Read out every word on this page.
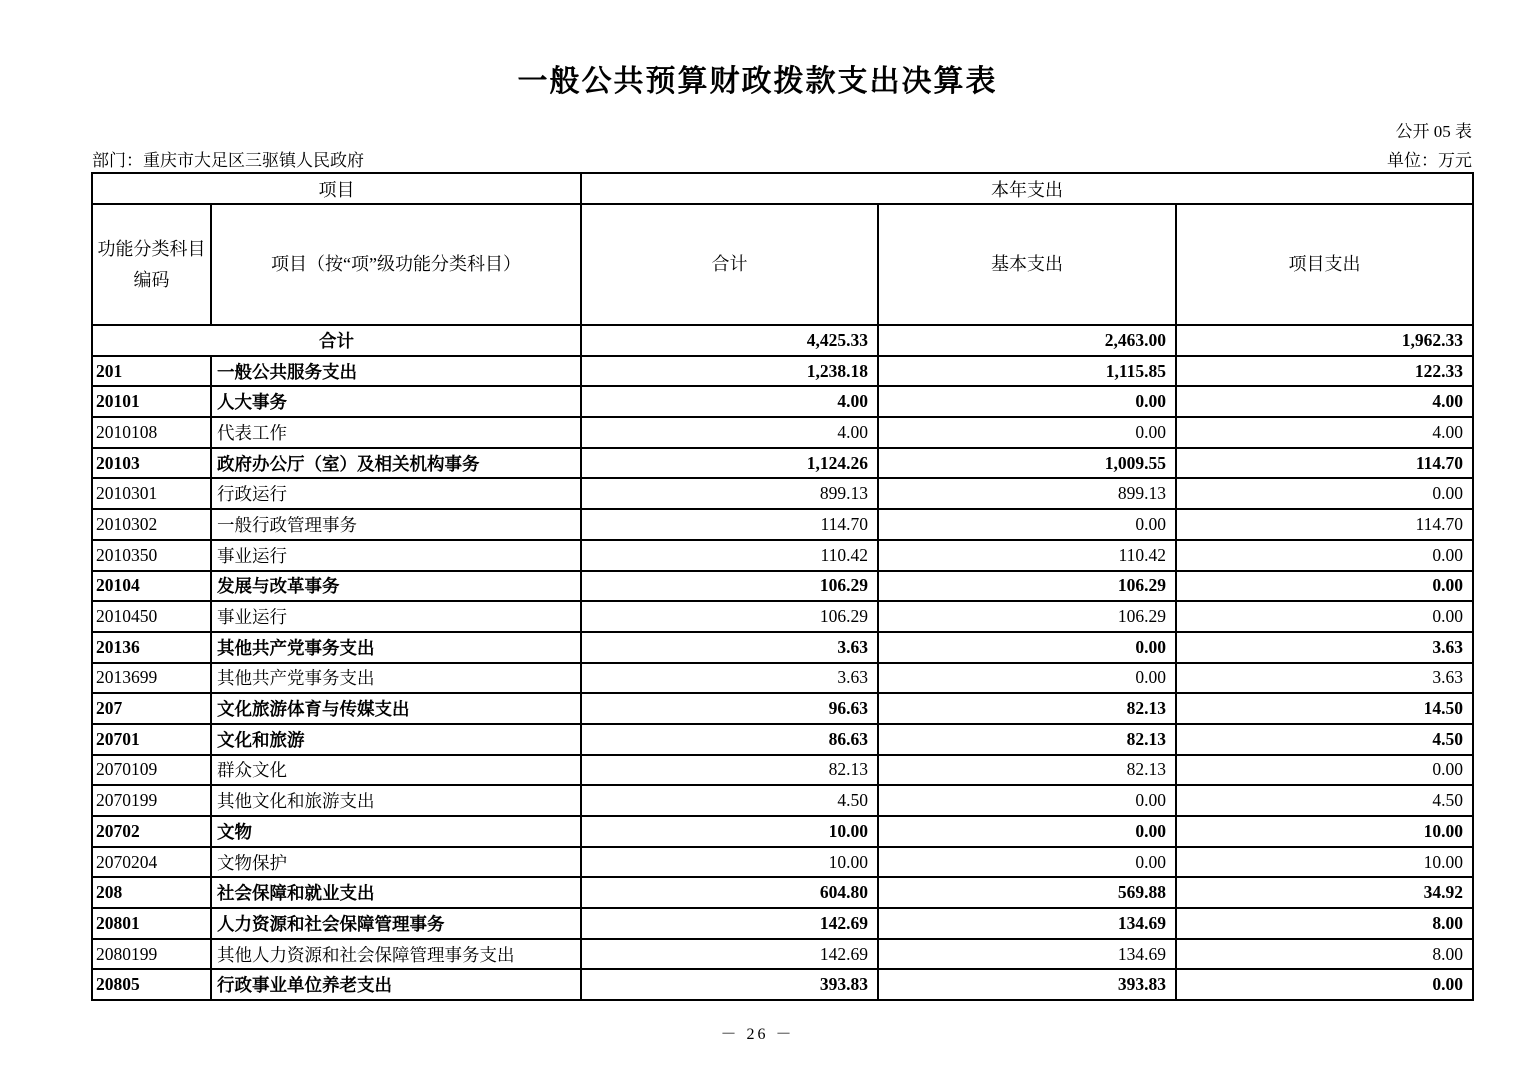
一般公共预算财政拨款支出决算表
公开 05 表
部门：重庆市大足区三驱镇人民政府	单位：万元
项目		本年支出		
功能分类科目编码	项目（按“项”级功能分类科目）	合计	基本支出	项目支出
合计		4,425.33	2,463.00	1,962.33
201	一般公共服务支出	1,238.18	1,115.85	122.33
20101	人大事务	4.00	0.00	4.00
2010108	代表工作	4.00	0.00	4.00
20103	政府办公厅（室）及相关机构事务	1,124.26	1,009.55	114.70
2010301	行政运行	899.13	899.13	0.00
2010302	一般行政管理事务	114.70	0.00	114.70
2010350	事业运行	110.42	110.42	0.00
20104	发展与改革事务	106.29	106.29	0.00
2010450	事业运行	106.29	106.29	0.00
20136	其他共产党事务支出	3.63	0.00	3.63
2013699	其他共产党事务支出	3.63	0.00	3.63
207	文化旅游体育与传媒支出	96.63	82.13	14.50
20701	文化和旅游	86.63	82.13	4.50
2070109	群众文化	82.13	82.13	0.00
2070199	其他文化和旅游支出	4.50	0.00	4.50
20702	文物	10.00	0.00	10.00
2070204	文物保护	10.00	0.00	10.00
208	社会保障和就业支出	604.80	569.88	34.92
20801	人力资源和社会保障管理事务	142.69	134.69	8.00
2080199	其他人力资源和社会保障管理事务支出	142.69	134.69	8.00
20805	行政事业单位养老支出	393.83	393.83	0.00
－ 26 －
